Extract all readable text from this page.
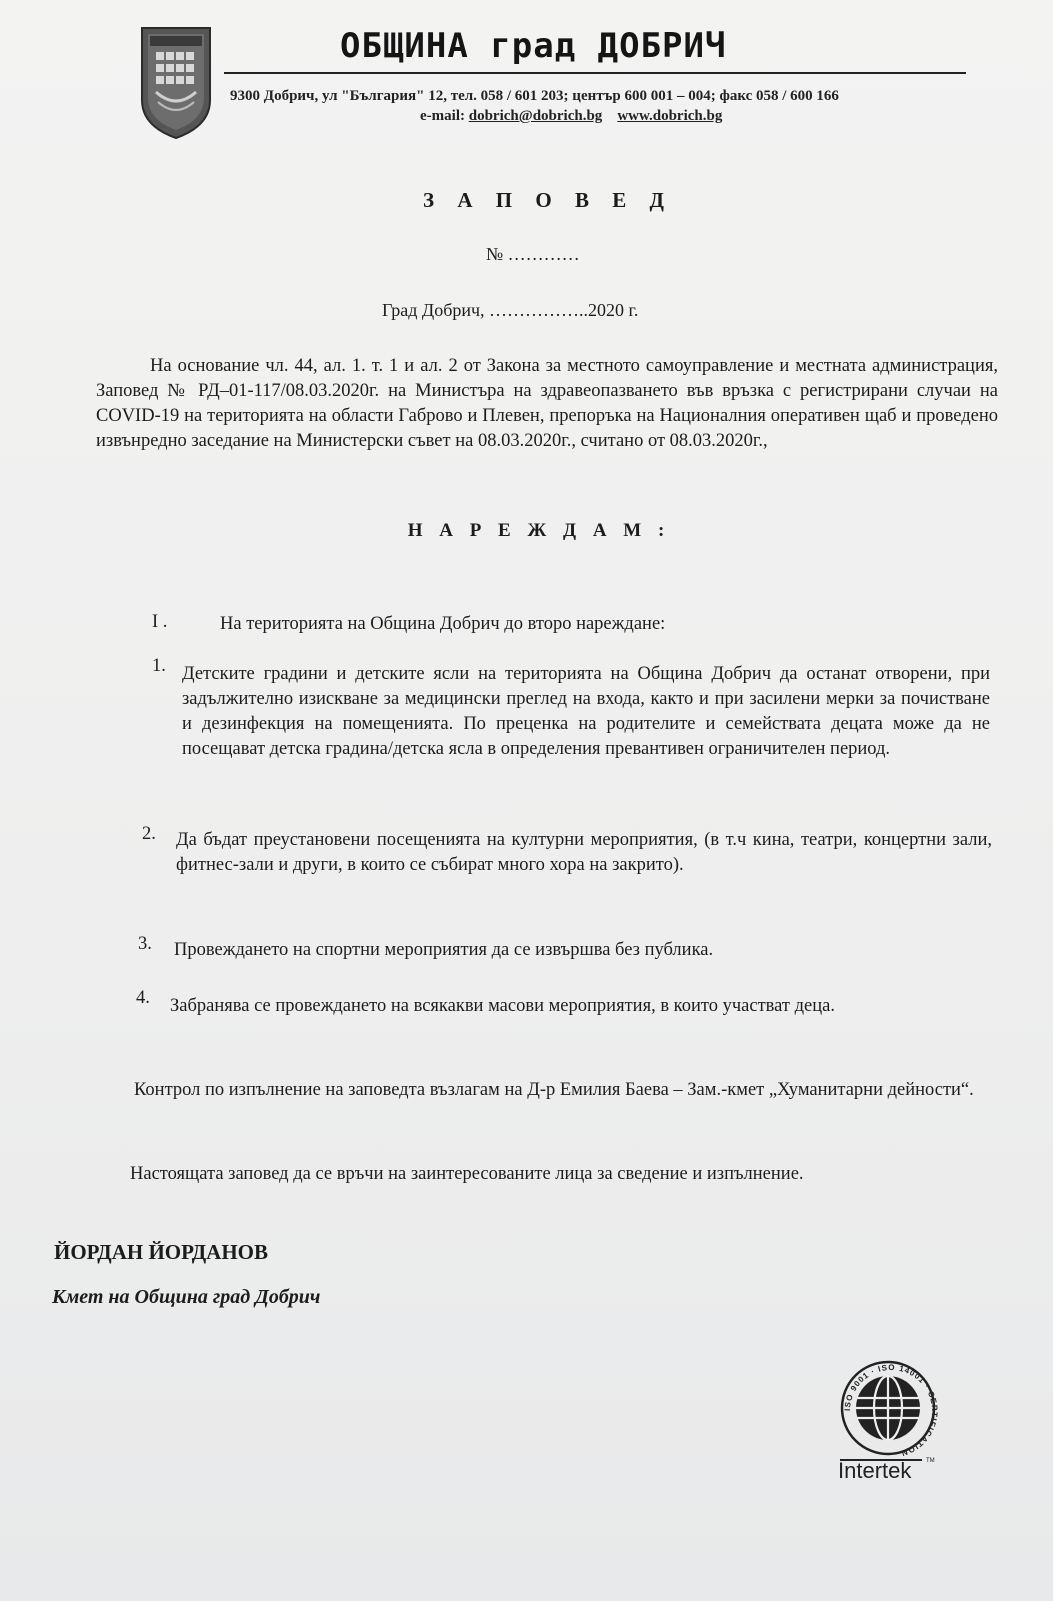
ОБЩИНА град ДОБРИЧ
9300 Добрич, ул "България" 12, тел. 058 / 601 203; център 600 001 – 004; факс 058 / 600 166
e-mail: dobrich@dobrich.bg www.dobrich.bg
З А П О В Е Д
№ …………
Град Добрич, ……………..2020 г.
На основание чл. 44, ал. 1. т. 1 и ал. 2 от Закона за местното самоуправление и местната администрация, Заповед № РД–01-117/08.03.2020г. на Министъра на здравеопазването във връзка с регистрирани случаи на COVID-19 на територията на области Габрово и Плевен, препоръка на Националния оперативен щаб и проведено извънредно заседание на Министерски съвет на 08.03.2020г., считано от 08.03.2020г.,
Н А Р Е Ж Д А М :
I .	На територията на Община Добрич до второ нареждане:
1. Детските градини и детските ясли на територията на Община Добрич да останат отворени, при задължително изискване за медицински преглед на входа, както и при засилени мерки за почистване и дезинфекция на помещенията. По преценка на родителите и семействата децата може да не посещават детска градина/детска ясла в определения превантивен ограничителен период.
2. Да бъдат преустановени посещенията на културни мероприятия, (в т.ч кина, театри, концертни зали, фитнес-зали и други, в които се събират много хора на закрито).
3. Провеждането на спортни мероприятия да се извършва без публика.
4. Забранява се провеждането на всякакви масови мероприятия, в които участват деца.
Контрол по изпълнение на заповедта възлагам на Д-р Емилия Баева – Зам.-кмет „Хуманитарни дейности“.
Настоящата заповед да се връчи на заинтересованите лица за сведение и изпълнение.
ЙОРДАН ЙОРДАНОВ
Кмет на Община град Добрич
ISO 9001 · ISO 14001 · CERTIFICATION
TM
Intertek
